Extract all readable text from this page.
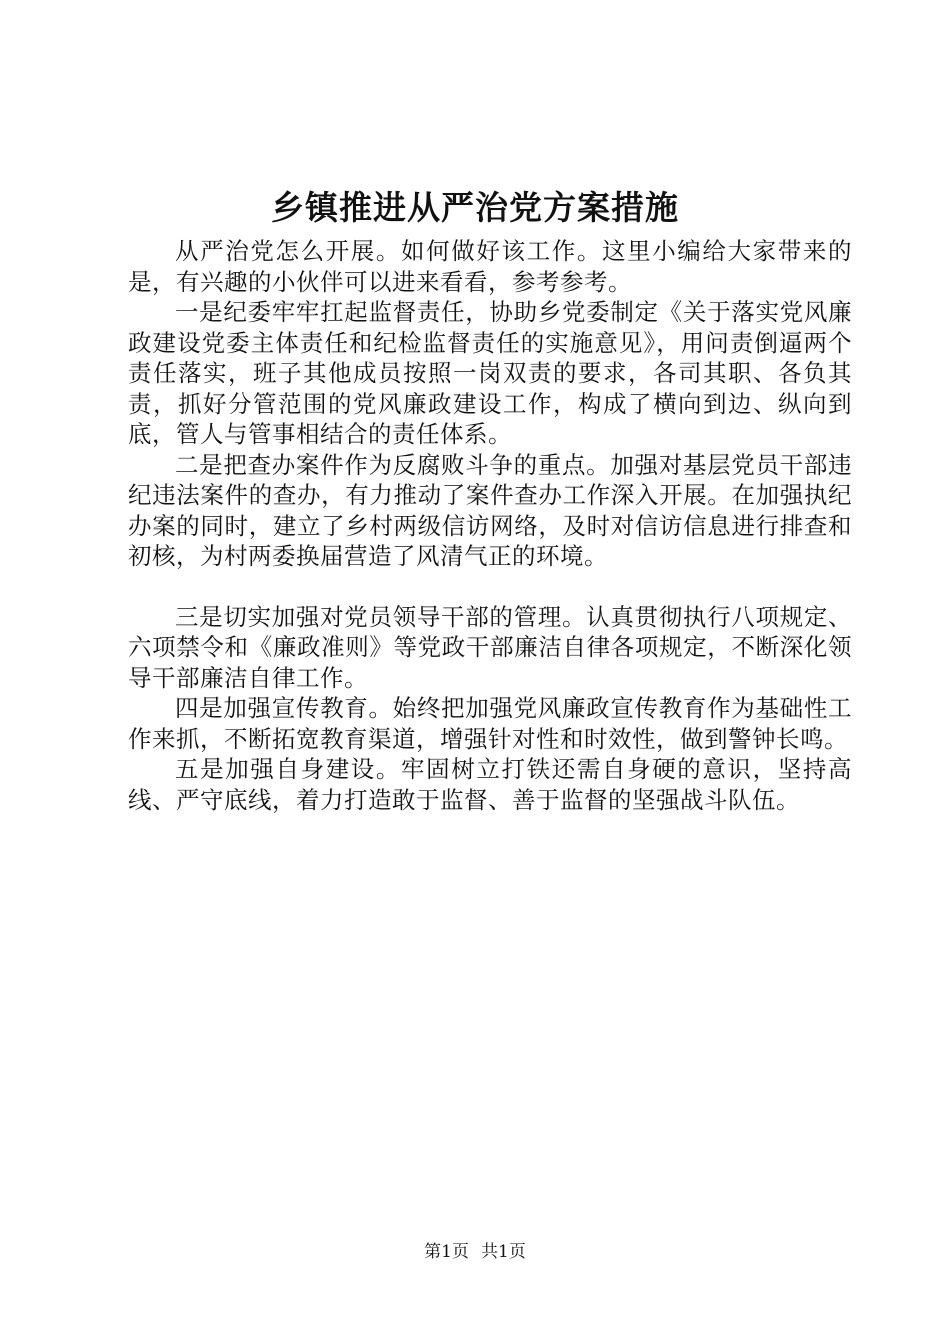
乡镇推进从严治党方案措施

从严治党怎么开展。如何做好该工作。这里小编给大家带来的是，有兴趣的小伙伴可以进来看看，参考参考。

一是纪委牢牢扛起监督责任，协助乡党委制定《关于落实党风廉政建设党委主体责任和纪检监督责任的实施意见》，用问责倒逼两个责任落实，班子其他成员按照一岗双责的要求，各司其职、各负其责，抓好分管范围的党风廉政建设工作，构成了横向到边、纵向到底，管人与管事相结合的责任体系。

二是把查办案件作为反腐败斗争的重点。加强对基层党员干部违纪违法案件的查办，有力推动了案件查办工作深入开展。在加强执纪办案的同时，建立了乡村两级信访网络，及时对信访信息进行排查和初核，为村两委换届营造了风清气正的环境。

三是切实加强对党员领导干部的管理。认真贯彻执行八项规定、六项禁令和《廉政准则》等党政干部廉洁自律各项规定，不断深化领导干部廉洁自律工作。

四是加强宣传教育。始终把加强党风廉政宣传教育作为基础性工作来抓，不断拓宽教育渠道，增强针对性和时效性，做到警钟长鸣。

五是加强自身建设。牢固树立打铁还需自身硬的意识，坚持高线、严守底线，着力打造敢于监督、善于监督的坚强战斗队伍。

第1页 共1页
